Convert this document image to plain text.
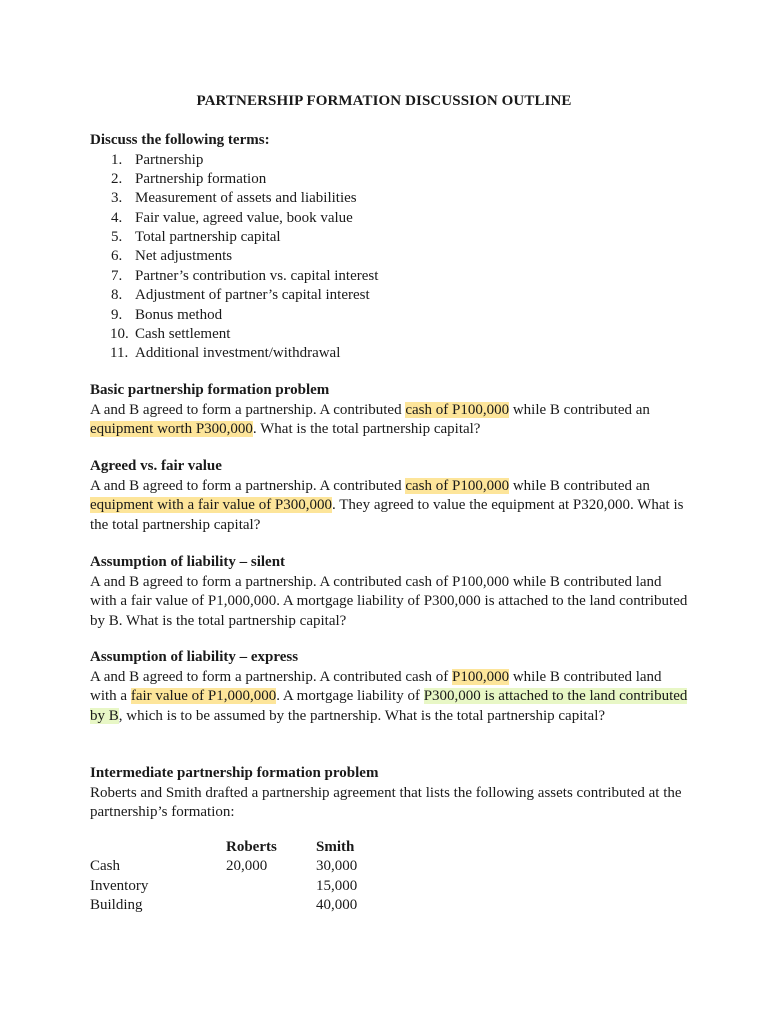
PARTNERSHIP FORMATION DISCUSSION OUTLINE
Discuss the following terms:
1. Partnership
2. Partnership formation
3. Measurement of assets and liabilities
4. Fair value, agreed value, book value
5. Total partnership capital
6. Net adjustments
7. Partner’s contribution vs. capital interest
8. Adjustment of partner’s capital interest
9. Bonus method
10. Cash settlement
11. Additional investment/withdrawal
Basic partnership formation problem

A and B agreed to form a partnership. A contributed cash of P100,000 while B contributed an equipment worth P300,000. What is the total partnership capital?

Agreed vs. fair value

A and B agreed to form a partnership. A contributed cash of P100,000 while B contributed an equipment with a fair value of P300,000. They agreed to value the equipment at P320,000. What is the total partnership capital?

Assumption of liability – silent

A and B agreed to form a partnership. A contributed cash of P100,000 while B contributed land with a fair value of P1,000,000. A mortgage liability of P300,000 is attached to the land contributed by B. What is the total partnership capital?

Assumption of liability – express

A and B agreed to form a partnership. A contributed cash of P100,000 while B contributed land with a fair value of P1,000,000. A mortgage liability of P300,000 is attached to the land contributed by B, which is to be assumed by the partnership. What is the total partnership capital?

Intermediate partnership formation problem

Roberts and Smith drafted a partnership agreement that lists the following assets contributed at the partnership’s formation:

	Roberts	Smith
Cash	20,000	30,000
Inventory		15,000
Building		40,000
